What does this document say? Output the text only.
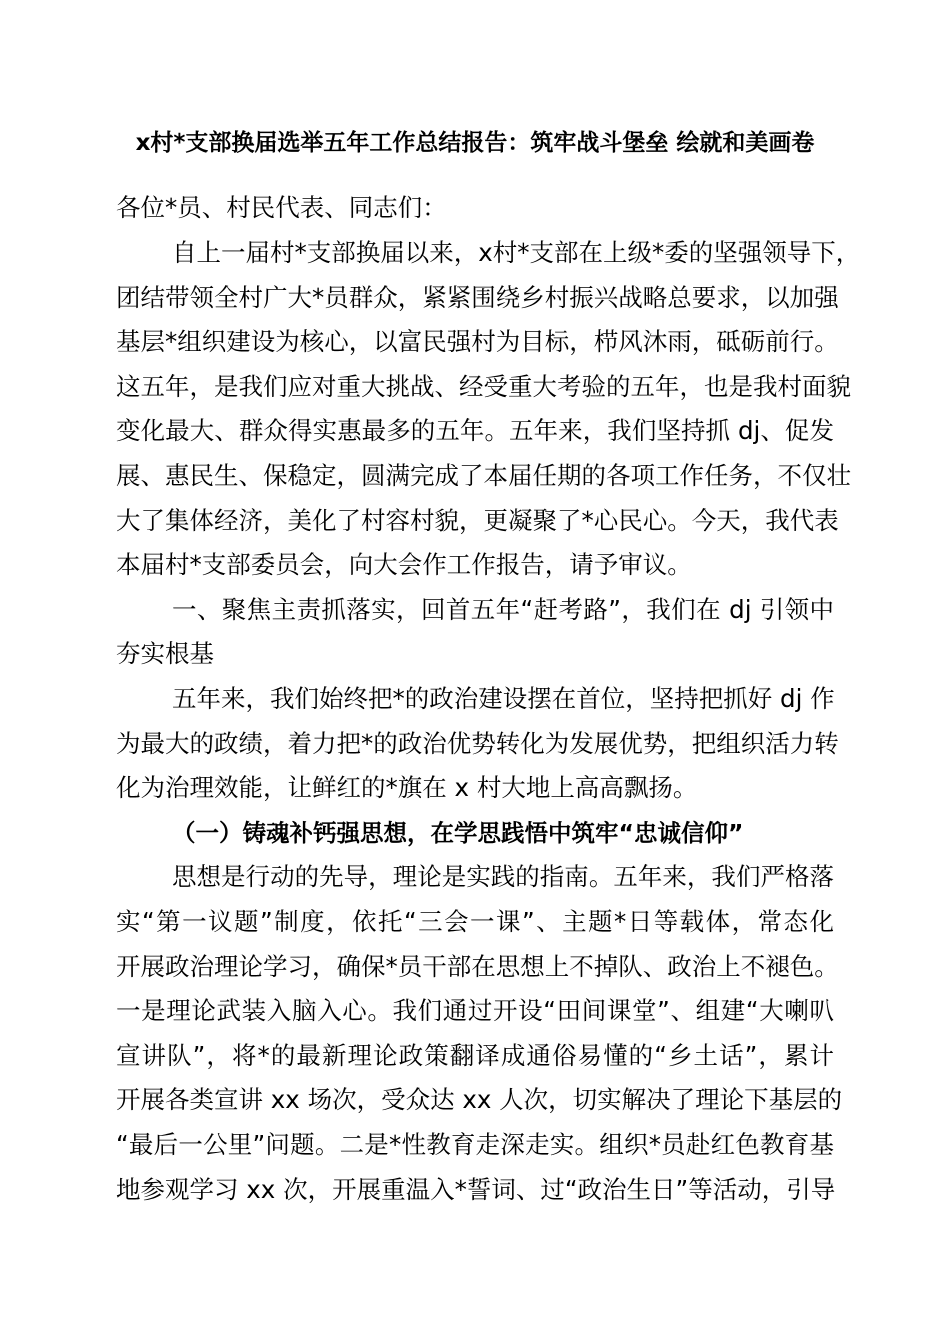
x村*支部换届选举五年工作总结报告：筑牢战斗堡垒 绘就和美画卷
各位*员、村民代表、同志们：
自上一届村*支部换届以来，x村*支部在上级*委的坚强领导下，
团结带领全村广大*员群众，紧紧围绕乡村振兴战略总要求，以加强
基层*组织建设为核心，以富民强村为目标，栉风沐雨，砥砺前行。
这五年，是我们应对重大挑战、经受重大考验的五年，也是我村面貌
变化最大、群众得实惠最多的五年。五年来，我们坚持抓 dj、促发
展、惠民生、保稳定，圆满完成了本届任期的各项工作任务，不仅壮
大了集体经济，美化了村容村貌，更凝聚了*心民心。今天，我代表
本届村*支部委员会，向大会作工作报告，请予审议。
一、聚焦主责抓落实，回首五年“赶考路”，我们在 dj 引领中
夯实根基
五年来，我们始终把*的政治建设摆在首位，坚持把抓好 dj 作
为最大的政绩，着力把*的政治优势转化为发展优势，把组织活力转
化为治理效能，让鲜红的*旗在 x 村大地上高高飘扬。
（一）铸魂补钙强思想，在学思践悟中筑牢“忠诚信仰”
思想是行动的先导，理论是实践的指南。五年来，我们严格落
实“第一议题”制度，依托“三会一课”、主题*日等载体，常态化
开展政治理论学习，确保*员干部在思想上不掉队、政治上不褪色。
一是理论武装入脑入心。我们通过开设“田间课堂”、组建“大喇叭
宣讲队”，将*的最新理论政策翻译成通俗易懂的“乡土话”，累计
开展各类宣讲 xx 场次，受众达 xx 人次，切实解决了理论下基层的
“最后一公里”问题。二是*性教育走深走实。组织*员赴红色教育基
地参观学习 xx 次，开展重温入*誓词、过“政治生日”等活动，引导
